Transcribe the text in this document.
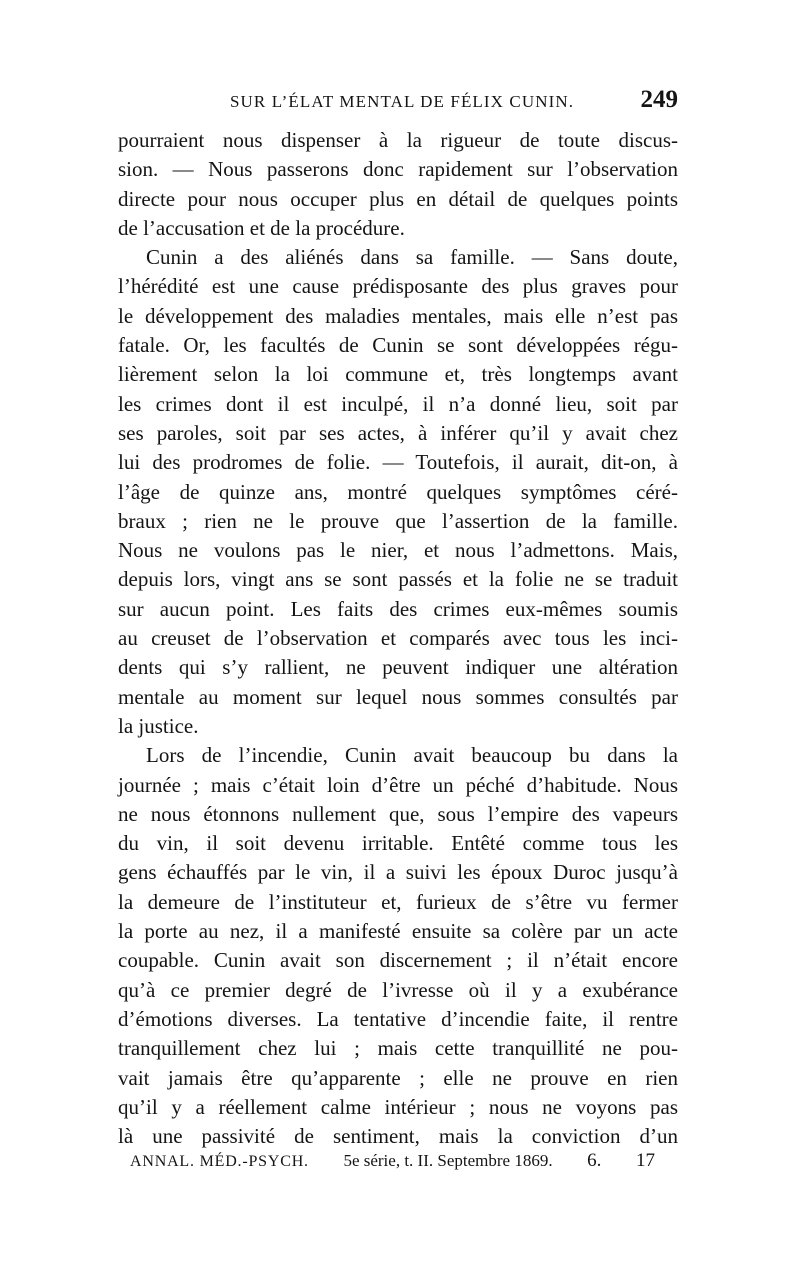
SUR L’ÉLAT MENTAL DE FÉLIX CUNIN.	249
pourraient nous dispenser à la rigueur de toute discus-
sion. — Nous passerons donc rapidement sur l’observation
directe pour nous occuper plus en détail de quelques points
de l’accusation et de la procédure.
Cunin a des aliénés dans sa famille. — Sans doute,
l’hérédité est une cause prédisposante des plus graves pour
le développement des maladies mentales, mais elle n’est pas
fatale. Or, les facultés de Cunin se sont développées régu-
lièrement selon la loi commune et, très longtemps avant
les crimes dont il est inculpé, il n’a donné lieu, soit par
ses paroles, soit par ses actes, à inférer qu’il y avait chez
lui des prodromes de folie. — Toutefois, il aurait, dit-on, à
l’âge de quinze ans, montré quelques symptômes céré-
braux ; rien ne le prouve que l’assertion de la famille.
Nous ne voulons pas le nier, et nous l’admettons. Mais,
depuis lors, vingt ans se sont passés et la folie ne se traduit
sur aucun point. Les faits des crimes eux-mêmes soumis
au creuset de l’observation et comparés avec tous les inci-
dents qui s’y rallient, ne peuvent indiquer une altération
mentale au moment sur lequel nous sommes consultés par
la justice.
Lors de l’incendie, Cunin avait beaucoup bu dans la
journée ; mais c’était loin d’être un péché d’habitude. Nous
ne nous étonnons nullement que, sous l’empire des vapeurs
du vin, il soit devenu irritable. Entêté comme tous les
gens échauffés par le vin, il a suivi les époux Duroc jusqu’à
la demeure de l’instituteur et, furieux de s’être vu fermer
la porte au nez, il a manifesté ensuite sa colère par un acte
coupable. Cunin avait son discernement ; il n’était encore
qu’à ce premier degré de l’ivresse où il y a exubérance
d’émotions diverses. La tentative d’incendie faite, il rentre
tranquillement chez lui ; mais cette tranquillité ne pou-
vait jamais être qu’apparente ; elle ne prouve en rien
qu’il y a réellement calme intérieur ; nous ne voyons pas
là une passivité de sentiment, mais la conviction d’un
ANNAL. MÉD.-PSYCH. 5e série, t. II. Septembre 1869. 6. 17
